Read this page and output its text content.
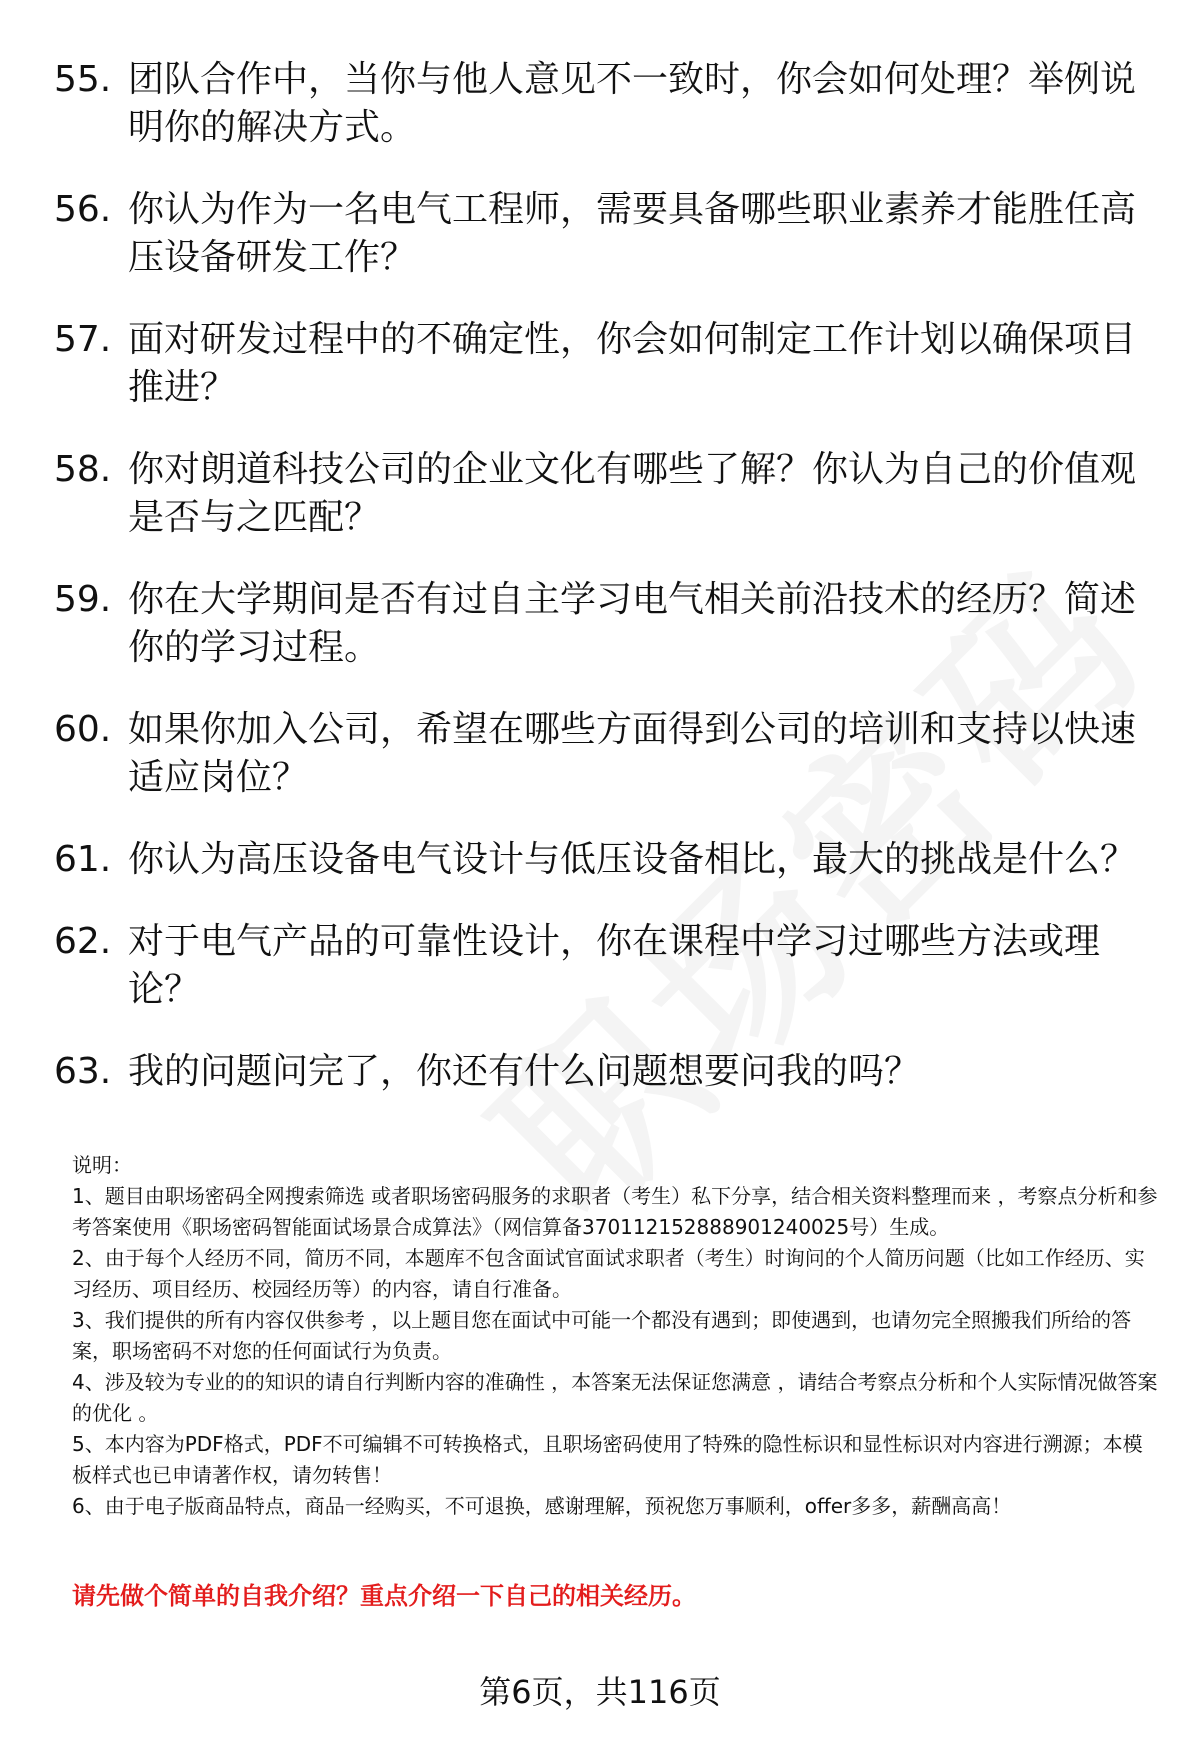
55. 团队合作中，当你与他人意见不一致时，你会如何处理？举例说明你的解决方式。
56. 你认为作为一名电气工程师，需要具备哪些职业素养才能胜任高压设备研发工作？
57. 面对研发过程中的不确定性，你会如何制定工作计划以确保项目推进？
58. 你对朗道科技公司的企业文化有哪些了解？你认为自己的价值观是否与之匹配？
59. 你在大学期间是否有过自主学习电气相关前沿技术的经历？简述你的学习过程。
60. 如果你加入公司，希望在哪些方面得到公司的培训和支持以快速适应岗位？
61. 你认为高压设备电气设计与低压设备相比，最大的挑战是什么？
62. 对于电气产品的可靠性设计，你在课程中学习过哪些方法或理论？
63. 我的问题问完了，你还有什么问题想要问我的吗？

说明：

1、题目由职场密码全网搜索筛选 或者职场密码服务的求职者（考生）私下分享，结合相关资料整理而来 ，考察点分析和参考答案使用《职场密码智能面试场景合成算法》（网信算备370112152888901240025号）生成。

2、由于每个人经历不同，简历不同，本题库不包含面试官面试求职者（考生）时询问的个人简历问题（比如工作经历、实习经历、项目经历、校园经历等）的内容，请自行准备。

3、我们提供的所有内容仅供参考 ，以上题目您在面试中可能一个都没有遇到；即使遇到，也请勿完全照搬我们所给的答案，职场密码不对您的任何面试行为负责。

4、涉及较为专业的的知识的请自行判断内容的准确性 ，本答案无法保证您满意 ，请结合考察点分析和个人实际情况做答案的优化 。

5、本内容为PDF格式，PDF不可编辑不可转换格式，且职场密码使用了特殊的隐性标识和显性标识对内容进行溯源；本模板样式也已申请著作权，请勿转售！

6、由于电子版商品特点，商品一经购买，不可退换，感谢理解，预祝您万事顺利，offer多多，薪酬高高！

请先做个简单的自我介绍？重点介绍一下自己的相关经历。
第6页，共116页
